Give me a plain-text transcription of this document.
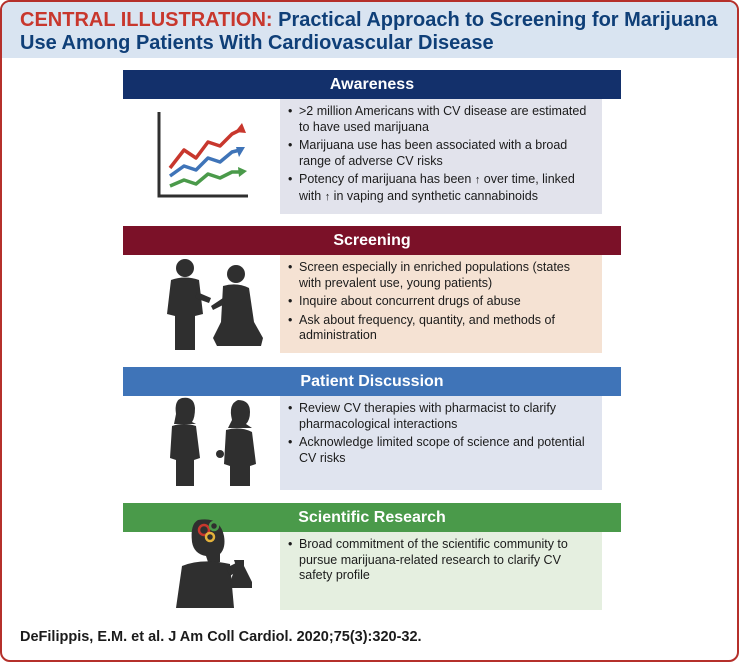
CENTRAL ILLUSTRATION: Practical Approach to Screening for Marijuana
Use Among Patients With Cardiovascular Disease
Awareness
• >2 million Americans with CV disease are estimated to have used marijuana
• Marijuana use has been associated with a broad range of adverse CV risks
• Potency of marijuana has been ↑ over time, linked with ↑ in vaping and synthetic cannabinoids
Screening
• Screen especially in enriched populations (states with prevalent use, young patients)
• Inquire about concurrent drugs of abuse
• Ask about frequency, quantity, and methods of administration
Patient Discussion
• Review CV therapies with pharmacist to clarify pharmacological interactions
• Acknowledge limited scope of science and potential CV risks
Scientific Research
• Broad commitment of the scientific community to pursue marijuana-related research to clarify CV safety profile
DeFilippis, E.M. et al. J Am Coll Cardiol. 2020;75(3):320-32.
